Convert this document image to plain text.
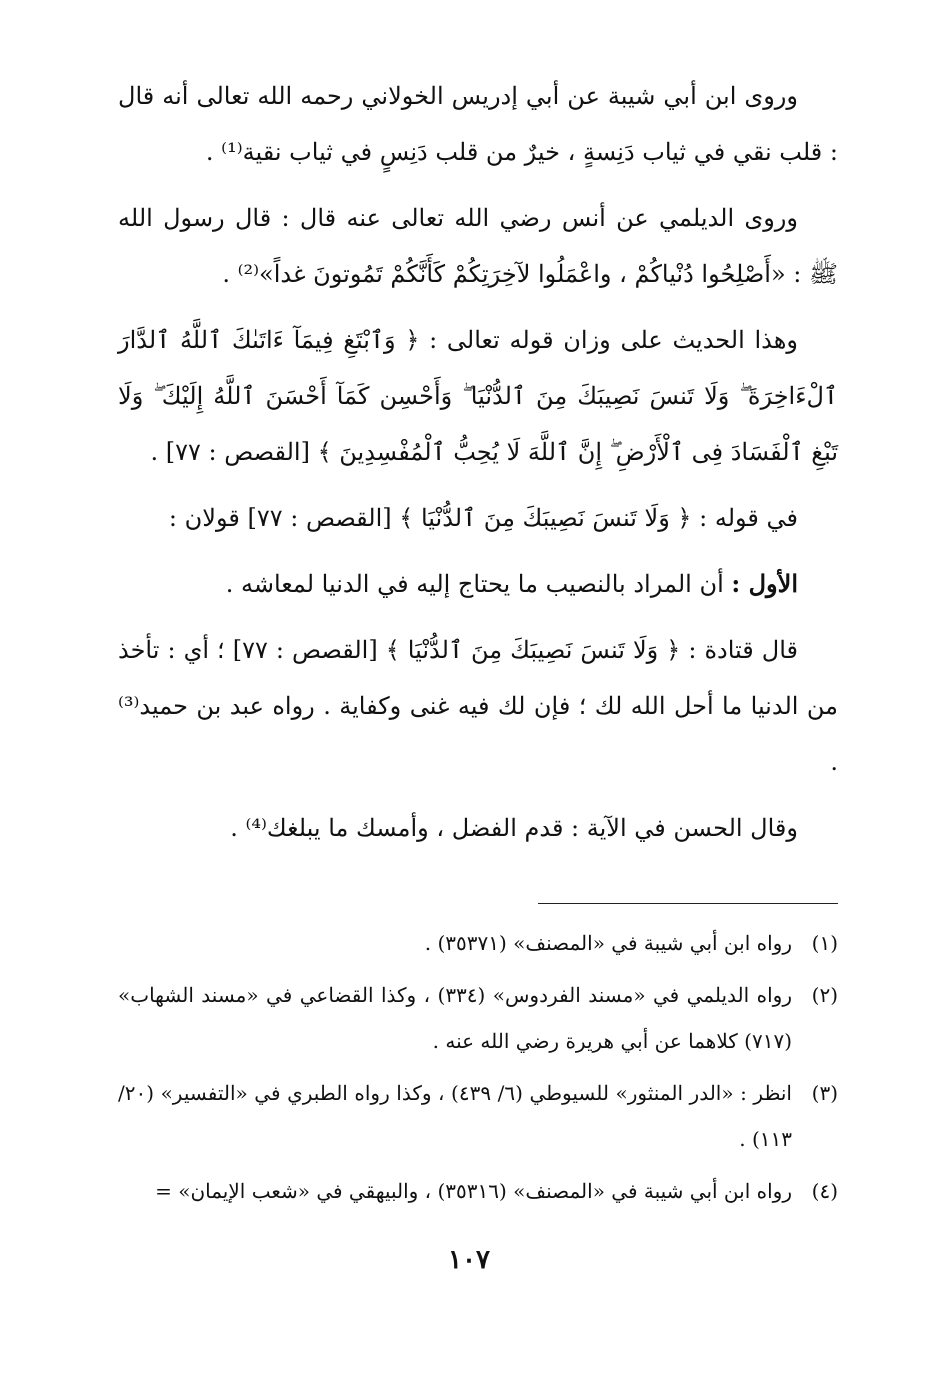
وروى ابن أبي شيبة عن أبي إدريس الخولاني رحمه الله تعالى أنه قال : قلب نقي في ثياب دَنِسةٍ ، خيرٌ من قلب دَنِسٍ في ثياب نقية⁽¹⁾ .

وروى الديلمي عن أنس رضي الله تعالى عنه قال : قال رسول الله ﷺ : «أَصْلِحُوا دُنْياكُمْ ، واعْمَلُوا لآخِرَتِكُمْ كَأَنَّكُمْ تَمُوتونَ غداً»⁽²⁾ .

وهذا الحديث على وزان قوله تعالى : ﴿ وَٱبْتَغِ فِيمَآ ءَاتَىٰكَ ٱللَّهُ ٱلدَّارَ ٱلْءَاخِرَةَ ۖ وَلَا تَنسَ نَصِيبَكَ مِنَ ٱلدُّنْيَا ۖ وَأَحْسِن كَمَآ أَحْسَنَ ٱللَّهُ إِلَيْكَ ۖ وَلَا تَبْغِ ٱلْفَسَادَ فِى ٱلْأَرْضِ ۖ إِنَّ ٱللَّهَ لَا يُحِبُّ ٱلْمُفْسِدِينَ ﴾ [القصص : ٧٧] .

في قوله : ﴿ وَلَا تَنسَ نَصِيبَكَ مِنَ ٱلدُّنْيَا ﴾ [القصص : ٧٧] قولان :

الأول : أن المراد بالنصيب ما يحتاج إليه في الدنيا لمعاشه .

قال قتادة : ﴿ وَلَا تَنسَ نَصِيبَكَ مِنَ ٱلدُّنْيَا ﴾ [القصص : ٧٧] ؛ أي : تأخذ من الدنيا ما أحل الله لك ؛ فإن لك فيه غنى وكفاية . رواه عبد بن حميد⁽³⁾ .

وقال الحسن في الآية : قدم الفضل ، وأمسك ما يبلغك⁽⁴⁾ .

(١)
رواه ابن أبي شيبة في «المصنف» (٣٥٣٧١) .
(٢)
رواه الديلمي في «مسند الفردوس» (٣٣٤) ، وكذا القضاعي في «مسند الشهاب» (٧١٧) كلاهما عن أبي هريرة رضي الله عنه .
(٣)
انظر : «الدر المنثور» للسيوطي (٦/ ٤٣٩) ، وكذا رواه الطبري في «التفسير» (٢٠/ ١١٣) .
(٤)
رواه ابن أبي شيبة في «المصنف» (٣٥٣١٦) ، والبيهقي في «شعب الإيمان» =
١٠٧
